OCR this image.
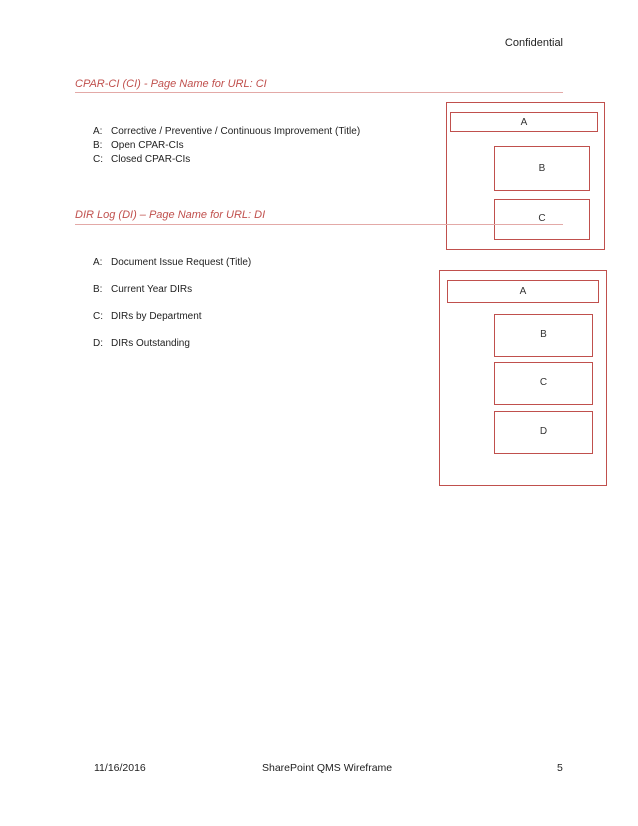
Confidential
CPAR-CI (CI) - Page Name for URL: CI
A: Corrective / Preventive / Continuous Improvement (Title)
B: Open CPAR-CIs
C: Closed CPAR-CIs
A
B
C
DIR Log (DI) – Page Name for URL: DI
A: Document Issue Request (Title)
B: Current Year DIRs
C: DIRs by Department
D: DIRs Outstanding
A
B
C
D
11/16/2016	SharePoint QMS Wireframe	5
